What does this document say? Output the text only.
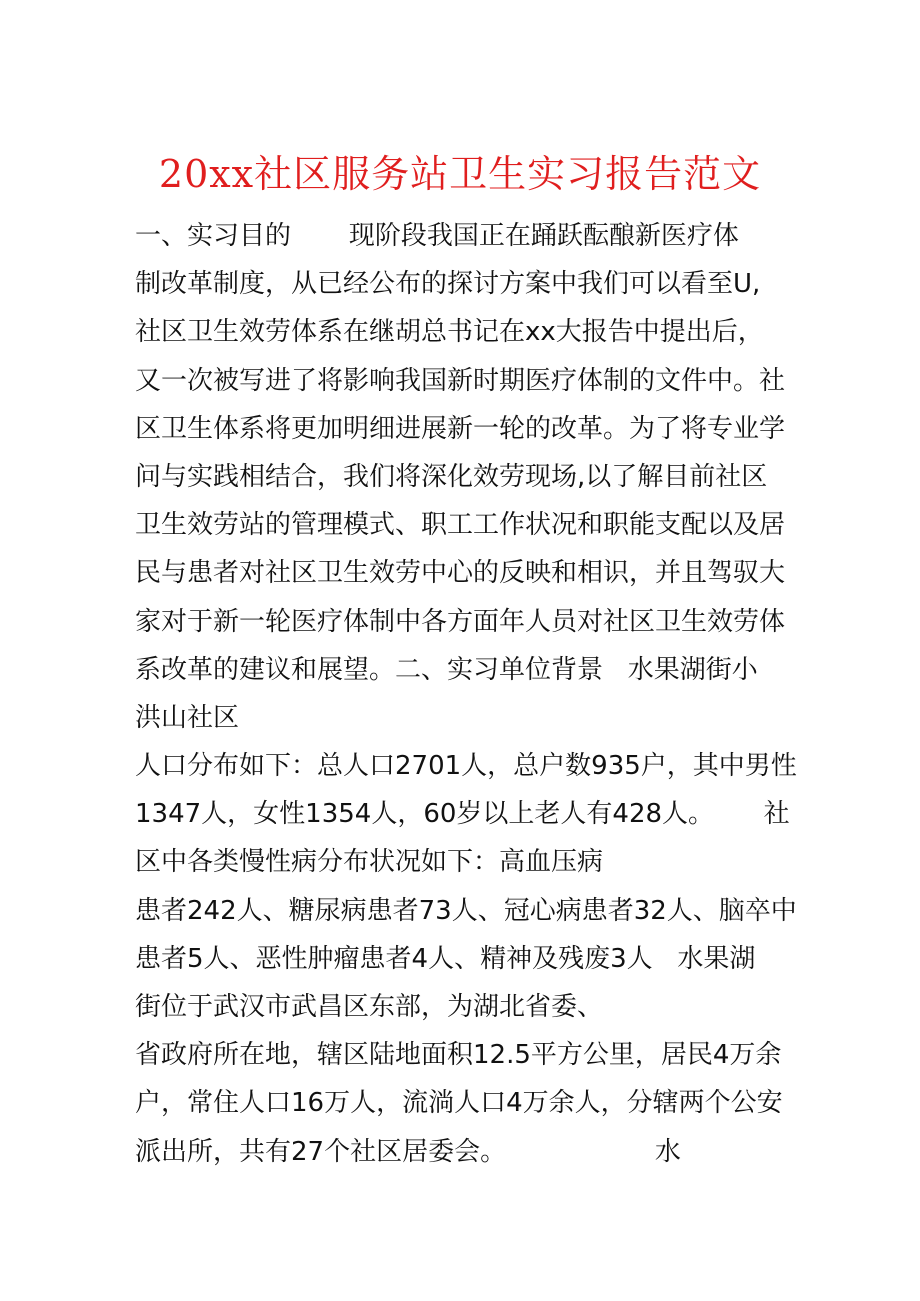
20xx社区服务站卫生实习报告范文
一、实习目的       现阶段我国正在踊跃酝酿新医疗体
制改革制度，从已经公布的探讨方案中我们可以看至U,
社区卫生效劳体系在继胡总书记在xx大报告中提出后，
又一次被写进了将影响我国新时期医疗体制的文件中。社
区卫生体系将更加明细进展新一轮的改革。为了将专业学
问与实践相结合，我们将深化效劳现场,以了解目前社区
卫生效劳站的管理模式、职工工作状况和职能支配以及居
民与患者对社区卫生效劳中心的反映和相识，并且驾驭大
家对于新一轮医疗体制中各方面年人员对社区卫生效劳体
系改革的建议和展望。二、实习单位背景   水果湖街小
洪山社区
人口分布如下：总人口2701人，总户数935户，其中男性
1347人，女性1354人，60岁以上老人有428人。      社
区中各类慢性病分布状况如下：高血压病
患者242人、糖尿病患者73人、冠心病患者32人、脑卒中
患者5人、恶性肿瘤患者4人、精神及残废3人   水果湖
街位于武汉市武昌区东部，为湖北省委、
省政府所在地，辖区陆地面积12.5平方公里，居民4万余
户，常住人口16万人，流淌人口4万余人，分辖两个公安
派出所，共有27个社区居委会。                  水
